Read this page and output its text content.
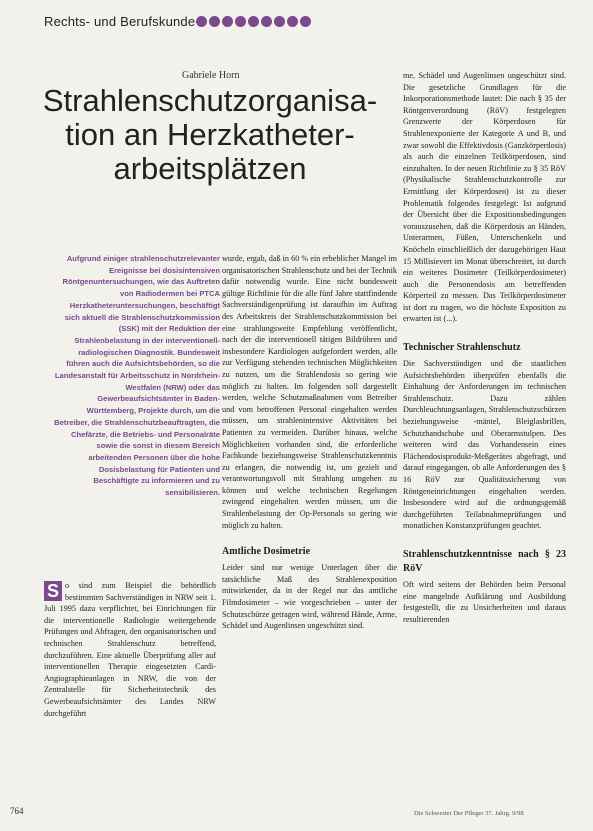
Rechts- und Berufskunde
Gabriele Horn
Strahlenschutzorganisa-
tion an Herzkatheter-
arbeitsplätzen

Aufgrund einiger strahlenschutzrelevanter Ereignisse bei dosisintensiven Röntgenuntersuchungen, wie das Auftreten von Radiodermen bei PTCA Herzkatheteruntersuchungen, beschäftigt sich aktuell die Strahlenschutzkommission (SSK) mit der Reduktion der Strahlenbelastung in der interventionell-radiologischen Diagnostik. Bundesweit führen auch die Aufsichtsbehörden, so die Landesanstalt für Arbeitsschutz in Nordrhein-Westfalen (NRW) oder das Gewerbeaufsichtsämter in Baden-Württemberg, Projekte durch, um die Betreiber, die Strahlenschutzbeauftragten, die Chefärzte, die Betriebs- und Personalräte sowie die sonst in diesem Bereich arbeitenden Personen über die hohe Dosisbelastung für Patienten und Beschäftigte zu informieren und zu sensibilisieren.

wurde, ergab, daß in 60 % ein erheblicher Mangel im organisatorischen Strahlenschutz und bei der Technik dafür notwendig wurde. Eine nicht bundesweit gültige Richtlinie für die alle fünf Jahre stattfindende Sachverständigenprüfung ist daraufhin im Auftrag des Arbeitskreis der Strahlenschutzkommission bei eine strahlungsweite Empfehlung veröffentlicht, nach der die interventionell tätigen Bildröhren und insbesondere Kardiologen aufgefordert werden, alle zur Verfügung stehenden technischen Möglichkeiten zu nutzen, um die Strahlendosis so gering wie möglich zu halten. Im folgenden soll dargestellt werden, welche Schutzmaßnahmen vom Betreiber und vom betroffenen Personal eingehalten werden müssen, um strahlenintensive Aktivitäten bei Patienten zu vermeiden. Darüber hinaus, welche Möglichkeiten vorhanden sind, die erforderliche Fachkunde beziehungsweise Strahlenschutzkenntnis zu erlangen, die notwendig ist, um gezielt und verantwortungsvoll mit Strahlung umgehen zu können und welche technischen Regelungen zwingend eingehalten werden müssen, um die Strahlenbelastung der Op-Personals so gering wie möglich zu halten.

Amtliche Dosimetrie

Leider sind nur wenige Unterlagen über die tatsächliche Maß des Strahlenexposition mitwirkender, da in der Regel nur das amtliche Filmdosimeter – wie vorgeschrieben – unter der Schutzschürze getragen wird, während Hände, Arme, Schädel und Augenlinsen ungeschützt sind.

S o sind zum Beispiel die behördlich bestimmten Sachverständigen in NRW seit 1. Juli 1995 dazu verpflichtet, bei Einrichtungen für die interventionelle Radiologie weitergehende Prüfungen und Abfragen, den organisatorischen und technischen Strahlenschutz betreffend, durchzuführen. Eine aktuelle Überprüfung aller auf interventionellen Therapie eingesetzten Cardi-Angiographieanlagen in NRW, die von der Zentralstelle für Sicherheitstechnik des Gewerbeaufsichtsämter des Landes NRW durchgeführt

me, Schädel und Augenlinsen ungeschützt sind. Die gesetzliche Grundlagen für die Inkorporationsmethode lautet: Die nach § 35 der Röntgenverordnung (RöV) festgelegten Grenzwerte der Körperdosen für Strahlenexponierte der Kategorie A und B, und zwar sowohl die Effektivdosis (Ganzkörperdosis) als auch die einzelnen Teilkörperdosen, sind einzuhalten. In der neuen Richtlinie zu § 35 RöV (Physikalische Strahlenschutzkontrolle zur Ermittlung der Körperdosen) ist zu dieser Problematik folgendes festgelegt: Ist aufgrund der Übersicht über die Expositionsbedingungen vorauszusehen, daß die Körperdosis an Händen, Unterarmen, Füßen, Unterschenkeln und Knöcheln einschließlich der dazugehörigen Haut 15 Millisievert im Monat überschreitet, ist durch ein weiteres Dosimeter (Teilkörperdosimeter) auch die Personendosis am betreffenden Körperteil zu messen. Das Teilkörperdosimeter ist dort zu tragen, wo die höchste Exposition zu erwarten ist (...).

Technischer Strahlenschutz

Die Sachverständigen und die staatlichen Aufsichtsbehörden überprüfen ebenfalls die Einhaltung der Anforderungen im technischen Strahlenschutz. Dazu zählen Durchleuchtungsanlagen, Strahlenschutzschürzen beziehungsweise -mäntel, Bleiglasbrillen, Schutzhandschuhe und Oberarmstulpen. Des weiteren wird das Vorhandensein eines Flächendosisprodukt-Meßgerätes abgefragt, und darauf eingegangen, ob alle Anforderungen des § 16 RöV zur Qualitätssicherung von Röntgeneinrichtungen eingehalten werden. Insbesondere wird auf die ordnungsgemäß durchgeführten Teilabnahmeprüfungen und monatlichen Konstanzprüfungen geachtet.

Strahlenschutzkenntnisse nach § 23 RöV

Oft wird seitens der Behörden beim Personal eine mangelnde Aufklärung und Ausbildung festgestellt, die zu Unsicherheiten und daraus resultierenden

764	Die Schwester Der Pfleger 37. Jahrg. 9/98
